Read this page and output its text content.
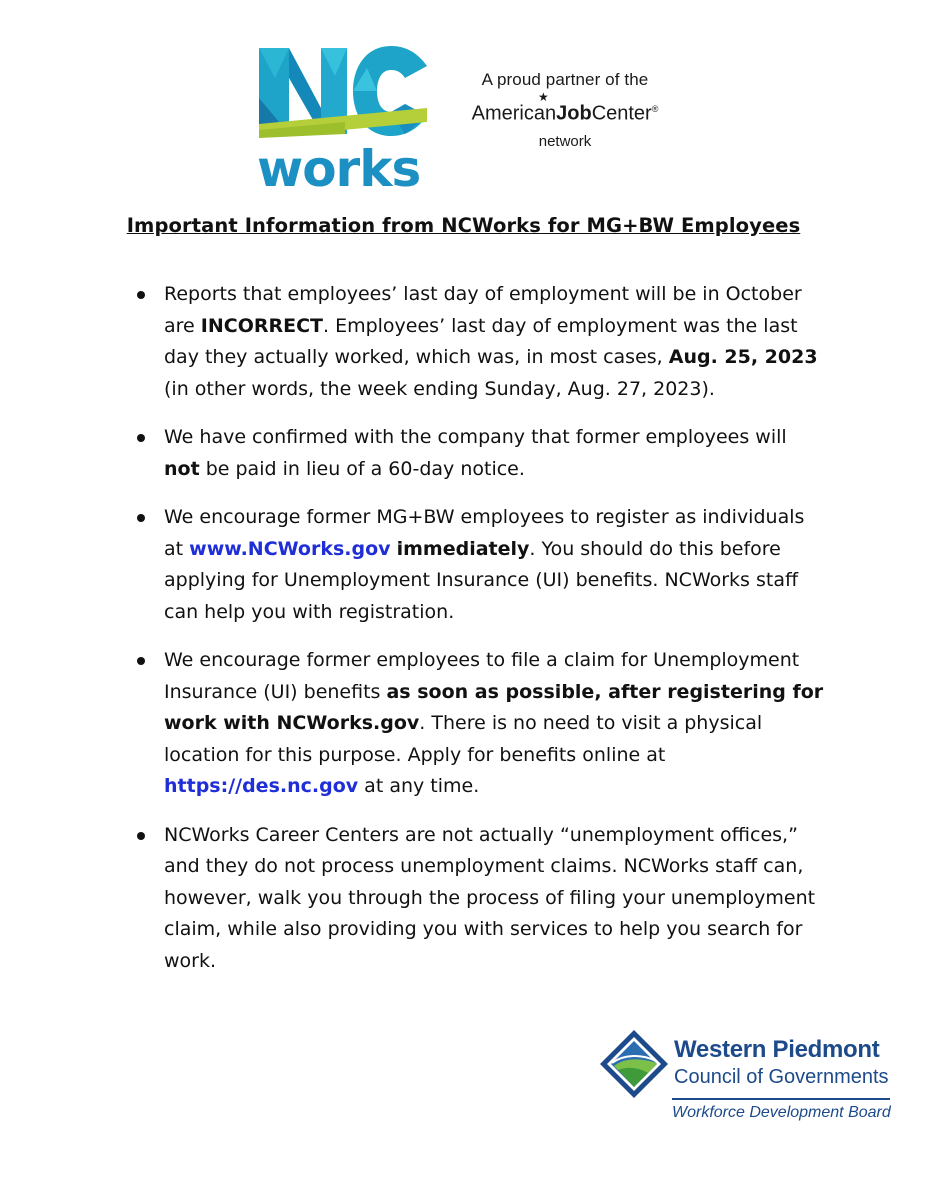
works
A proud partner of the
AmericanJobCenter®
★
network
Important Information from NCWorks for MG+BW Employees
Reports that employees’ last day of employment will be in October are INCORRECT. Employees’ last day of employment was the last day they actually worked, which was, in most cases, Aug. 25, 2023 (in other words, the week ending Sunday, Aug. 27, 2023).
We have confirmed with the company that former employees will not be paid in lieu of a 60-day notice.
We encourage former MG+BW employees to register as individuals at www.NCWorks.gov immediately. You should do this before applying for Unemployment Insurance (UI) benefits. NCWorks staff can help you with registration.
We encourage former employees to file a claim for Unemployment Insurance (UI) benefits as soon as possible, after registering for work with NCWorks.gov. There is no need to visit a physical location for this purpose. Apply for benefits online at https://des.nc.gov at any time.
NCWorks Career Centers are not actually “unemployment offices,” and they do not process unemployment claims. NCWorks staff can, however, walk you through the process of filing your unemployment claim, while also providing you with services to help you search for work.
Western Piedmont
Council of Governments
Workforce Development Board
